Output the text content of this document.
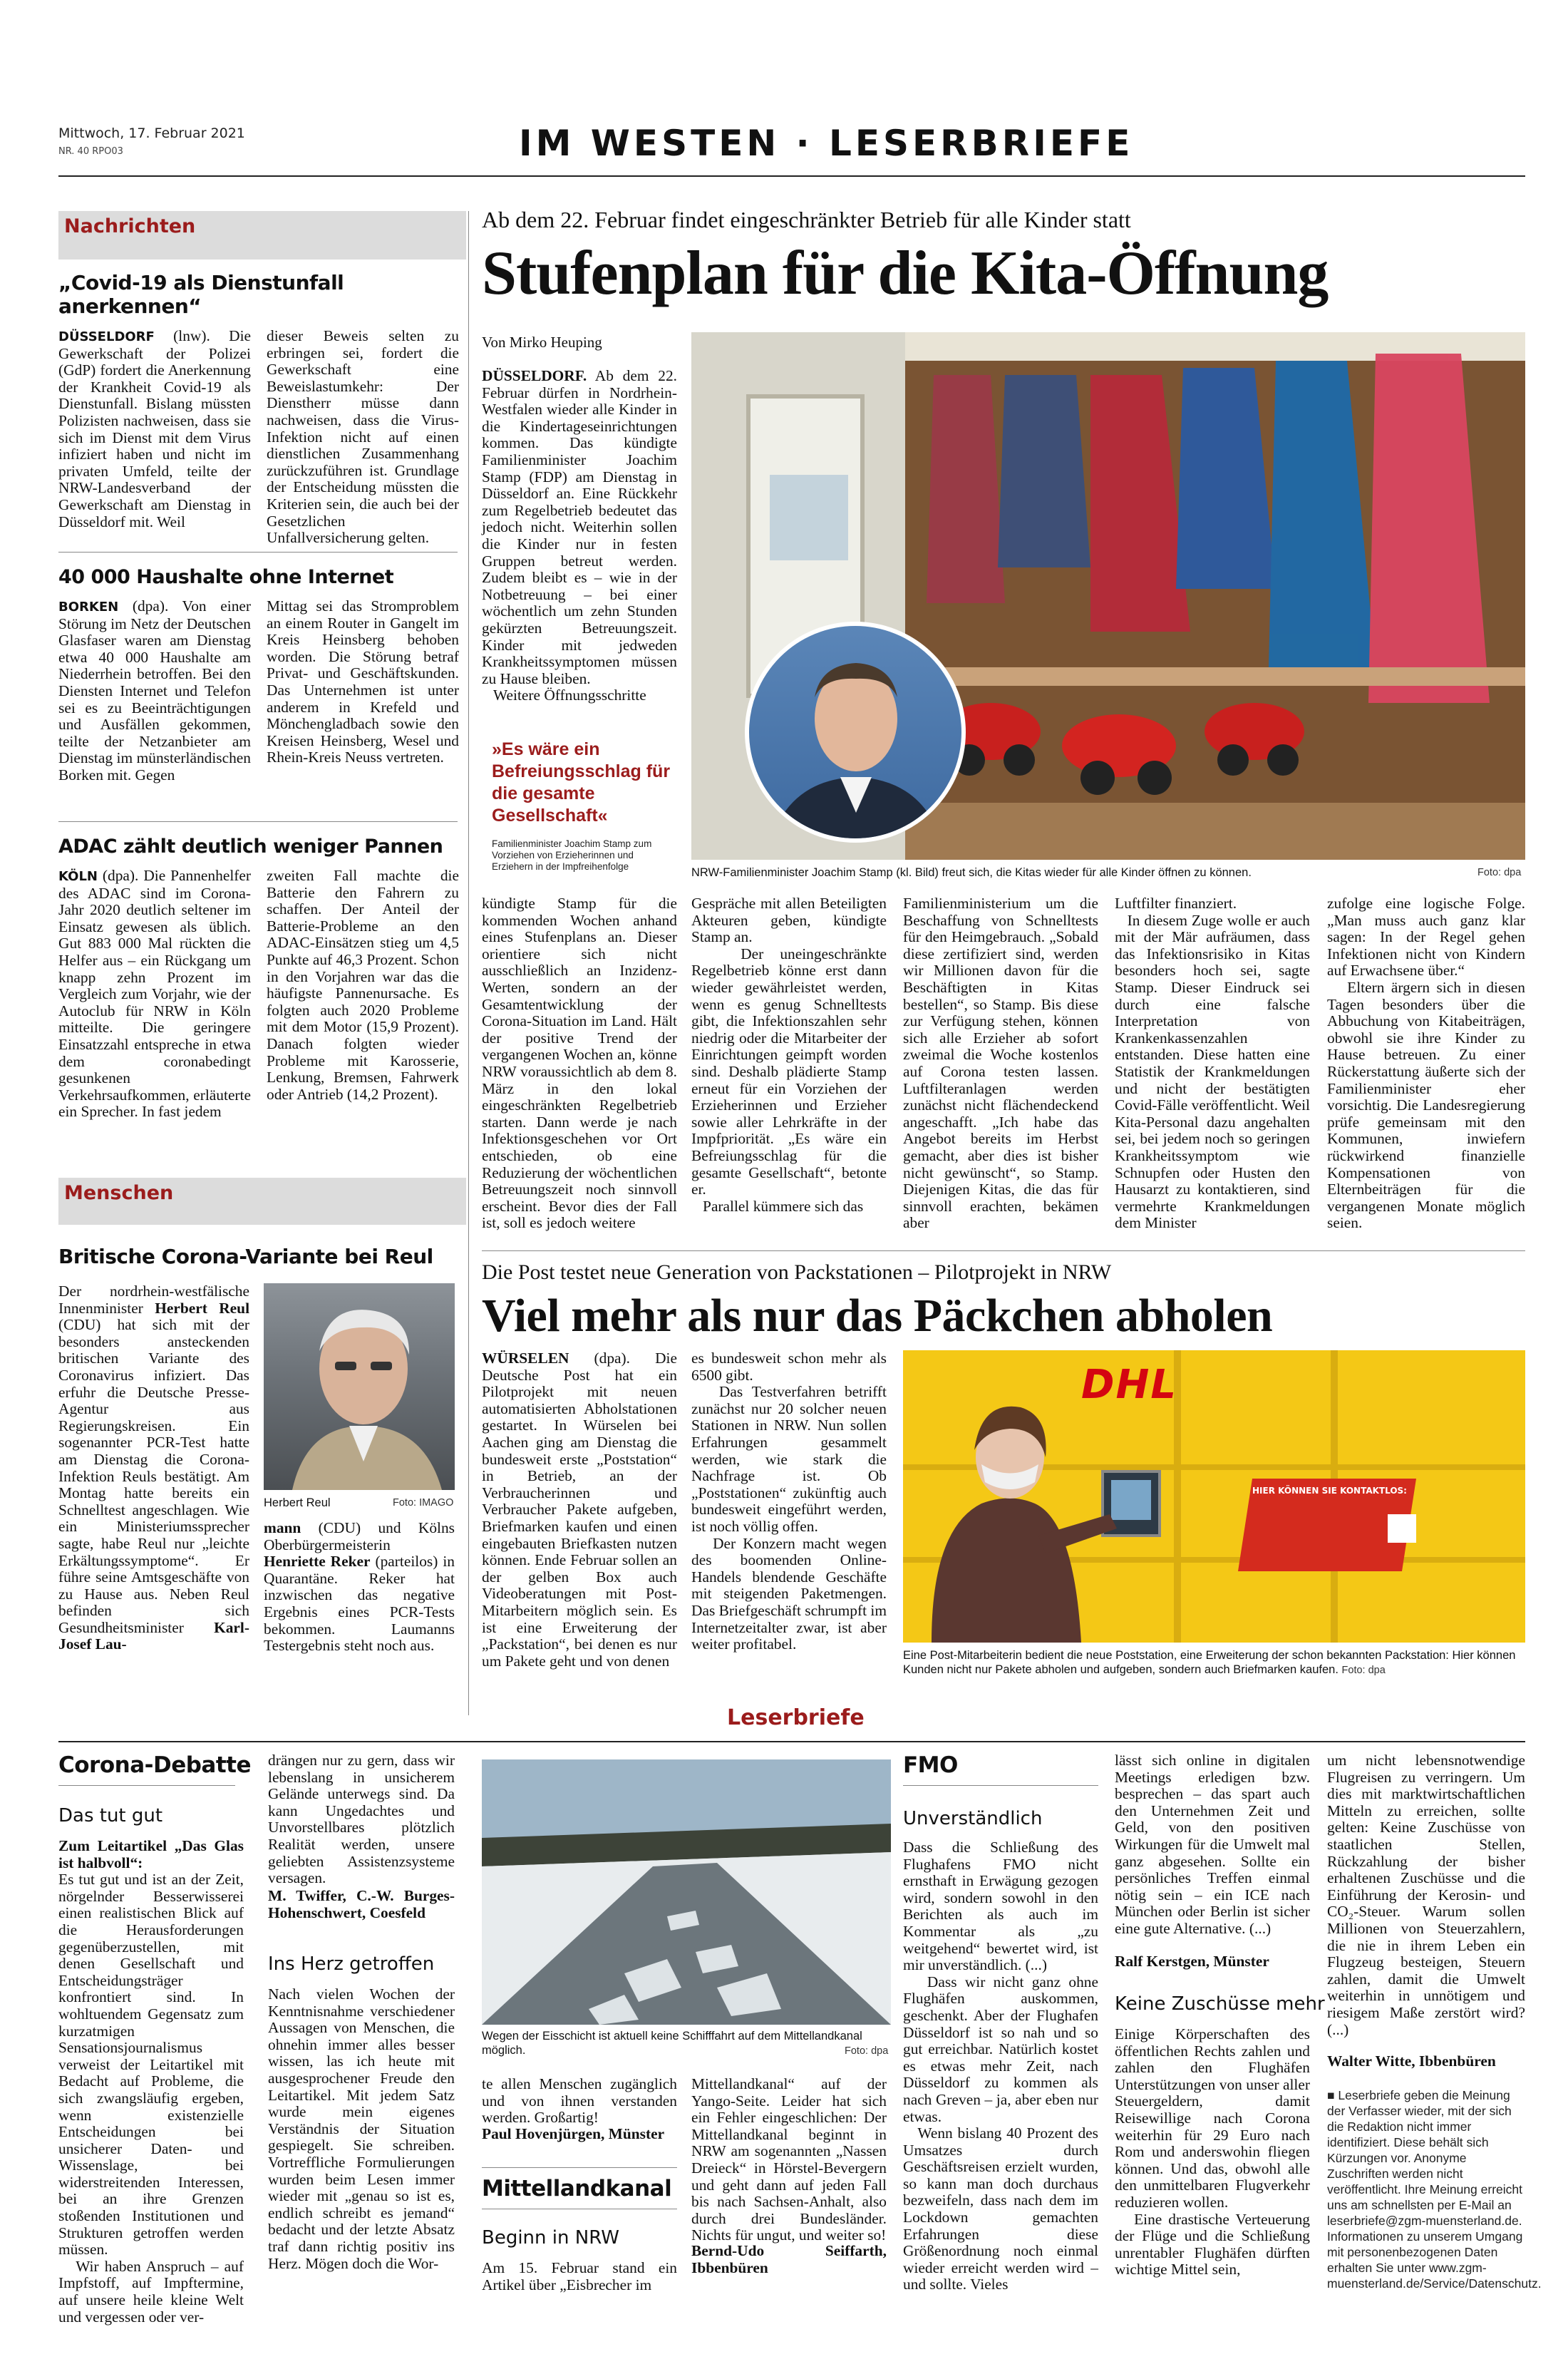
Mittwoch, 17. Februar 2021
NR. 40 RPO03	IM WESTEN · LESERBRIEFE
Nachrichten
„Covid-19 als Dienstunfall anerkennen“

DÜSSELDORF (lnw). Die Gewerkschaft der Polizei (GdP) fordert die Anerkennung der Krankheit Covid-19 als Dienstunfall. Bislang müssten Polizisten nachweisen, dass sie sich im Dienst mit dem Virus infiziert haben und nicht im privaten Umfeld, teilte der NRW-Landesverband der Gewerkschaft am Dienstag in Düsseldorf mit. Weil

dieser Beweis selten zu erbringen sei, fordert die Gewerkschaft eine Beweislastumkehr: Der Dienstherr müsse dann nachweisen, dass die Virus-Infektion nicht auf einen dienstlichen Zusammenhang zurückzuführen ist. Grundlage der Entscheidung müssten die Kriterien sein, die auch bei der Gesetzlichen Unfallversicherung gelten.

40 000 Haushalte ohne Internet

BORKEN (dpa). Von einer Störung im Netz der Deutschen Glasfaser waren am Dienstag etwa 40 000 Haushalte am Niederrhein betroffen. Bei den Diensten Internet und Telefon sei es zu Beeinträchtigungen und Ausfällen gekommen, teilte der Netzanbieter am Dienstag im münsterländischen Borken mit. Gegen

Mittag sei das Stromproblem an einem Router in Gangelt im Kreis Heinsberg behoben worden. Die Störung betraf Privat- und Geschäftskunden. Das Unternehmen ist unter anderem in Krefeld und Mönchengladbach sowie den Kreisen Heinsberg, Wesel und Rhein-Kreis Neuss vertreten.

ADAC zählt deutlich weniger Pannen

KÖLN (dpa). Die Pannenhelfer des ADAC sind im Corona-Jahr 2020 deutlich seltener im Einsatz gewesen als üblich. Gut 883 000 Mal rückten die Helfer aus – ein Rückgang um knapp zehn Prozent im Vergleich zum Vorjahr, wie der Autoclub für NRW in Köln mitteilte. Die geringere Einsatzzahl entspreche in etwa dem coronabedingt gesunkenen Verkehrsaufkommen, erläuterte ein Sprecher. In fast jedem

zweiten Fall machte die Batterie den Fahrern zu schaffen. Der Anteil der Batterie-Probleme an den ADAC-Einsätzen stieg um 4,5 Punkte auf 46,3 Prozent. Schon in den Vorjahren war das die häufigste Pannenursache. Es folgten auch 2020 Probleme mit dem Motor (15,9 Prozent). Danach folgten wieder Probleme mit Karosserie, Lenkung, Bremsen, Fahrwerk oder Antrieb (14,2 Prozent).

Menschen
Britische Corona-Variante bei Reul

Der nordrhein-westfälische Innenminister Herbert Reul (CDU) hat sich mit der besonders ansteckenden britischen Variante des Coronavirus infiziert. Das erfuhr die Deutsche Presse-Agentur aus Regierungskreisen. Ein sogenannter PCR-Test hatte am Dienstag die Corona-Infektion Reuls bestätigt. Am Montag hatte bereits ein Schnelltest angeschlagen. Wie ein Ministeriumssprecher sagte, habe Reul nur „leichte Erkältungssymptome“. Er führe seine Amtsgeschäfte von zu Hause aus. Neben Reul befinden sich Gesundheitsminister Karl-Josef Lau-

Herbert Reul	Foto: IMAGO

mann (CDU) und Kölns Oberbürgermeisterin Henriette Reker (parteilos) in Quarantäne. Reker hat inzwischen das negative Ergebnis eines PCR-Tests bekommen. Laumanns Testergebnis steht noch aus.

Ab dem 22. Februar findet eingeschränkter Betrieb für alle Kinder statt
Stufenplan für die Kita-Öffnung
Von Mirko Heuping

DÜSSELDORF. Ab dem 22. Februar dürfen in Nordrhein-Westfalen wieder alle Kinder in die Kindertageseinrichtungen kommen. Das kündigte Familienminister Joachim Stamp (FDP) am Dienstag in Düsseldorf an. Eine Rückkehr zum Regelbetrieb bedeutet das jedoch nicht. Weiterhin sollen die Kinder nur in festen Gruppen betreut werden. Zudem bleibt es – wie in der Notbetreuung – bei einer wöchentlich um zehn Stunden gekürzten Betreuungszeit. Kinder mit jedweden Krankheitssymptomen müssen zu Hause bleiben.
Weitere Öffnungsschritte

»Es wäre ein Befreiungsschlag für die gesamte Gesellschaft«
Familienminister Joachim Stamp zum Vorziehen von Erzieherinnen und Erziehern in der Impfreihenfolge	NRW-Familienminister Joachim Stamp (kl. Bild) freut sich, die Kitas wieder für alle Kinder öffnen zu können.	Foto: dpa

kündigte Stamp für die kommenden Wochen anhand eines Stufenplans an. Dieser orientiere sich nicht ausschließlich an Inzidenz-Werten, sondern an der Gesamtentwicklung der Corona-Situation im Land. Hält der positive Trend der vergangenen Wochen an, könne NRW voraussichtlich ab dem 8. März in den lokal eingeschränkten Regelbetrieb starten. Dann werde je nach Infektionsgeschehen vor Ort entschieden, ob eine Reduzierung der wöchentlichen Betreuungszeit noch sinnvoll erscheint. Bevor dies der Fall ist, soll es jedoch weitere

Gespräche mit allen Beteiligten Akteuren geben, kündigte Stamp an.
Der uneingeschränkte Regelbetrieb könne erst dann wieder gewährleistet werden, wenn es genug Schnelltests gibt, die Infektionszahlen sehr niedrig oder die Mitarbeiter der Einrichtungen geimpft worden sind. Deshalb plädierte Stamp erneut für ein Vorziehen der Erzieherinnen und Erzieher sowie aller Lehrkräfte in der Impfpriorität. „Es wäre ein Befreiungsschlag für die gesamte Gesellschaft“, betonte er.
Parallel kümmere sich das

Familienministerium um die Beschaffung von Schnelltests für den Heimgebrauch. „Sobald diese zertifiziert sind, werden wir Millionen davon für die Beschäftigten in Kitas bestellen“, so Stamp. Bis diese zur Verfügung stehen, können sich alle Erzieher ab sofort zweimal die Woche kostenlos auf Corona testen lassen. Luftfilteranlagen werden zunächst nicht flächendeckend angeschafft. „Ich habe das Angebot bereits im Herbst gemacht, aber dies ist bisher nicht gewünscht“, so Stamp. Diejenigen Kitas, die das für sinnvoll erachten, bekämen aber

Luftfilter finanziert.
In diesem Zuge wolle er auch mit der Mär aufräumen, dass das Infektionsrisiko in Kitas besonders hoch sei, sagte Stamp. Dieser Eindruck sei durch eine falsche Interpretation von Krankenkassenzahlen entstanden. Diese hatten eine Statistik der Krankmeldungen und nicht der bestätigten Covid-Fälle veröffentlicht. Weil Kita-Personal dazu angehalten sei, bei jedem noch so geringen Krankheitssymptom wie Schnupfen oder Husten den Hausarzt zu kontaktieren, sind vermehrte Krankmeldungen dem Minister

zufolge eine logische Folge. „Man muss auch ganz klar sagen: In der Regel gehen Infektionen nicht von Kindern auf Erwachsene über.“
Eltern ärgern sich in diesen Tagen besonders über die Abbuchung von Kitabeiträgen, obwohl sie ihre Kinder zu Hause betreuen. Zu einer Rückerstattung äußerte sich der Familienminister eher vorsichtig. Die Landesregierung prüfe gemeinsam mit den Kommunen, inwiefern rückwirkend finanzielle Kompensationen von Elternbeiträgen für die vergangenen Monate möglich seien.

Die Post testet neue Generation von Packstationen – Pilotprojekt in NRW
Viel mehr als nur das Päckchen abholen

WÜRSELEN (dpa). Die Deutsche Post hat ein Pilotprojekt mit neuen automatisierten Abholstationen gestartet. In Würselen bei Aachen ging am Dienstag die bundesweit erste „Poststation“ in Betrieb, an der Verbraucherinnen und Verbraucher Pakete aufgeben, Briefmarken kaufen und einen eingebauten Briefkasten nutzen können. Ende Februar sollen an der gelben Box auch Videoberatungen mit Post-Mitarbeitern möglich sein. Es ist eine Erweiterung der „Packstation“, bei denen es nur um Pakete geht und von denen

es bundesweit schon mehr als 6500 gibt.
Das Testverfahren betrifft zunächst nur 20 solcher neuen Stationen in NRW. Nun sollen Erfahrungen gesammelt werden, wie stark die Nachfrage ist. Ob „Poststationen“ zukünftig auch bundesweit eingeführt werden, ist noch völlig offen.
Der Konzern macht wegen des boomenden Online-Handels blendende Geschäfte mit steigenden Paketmengen. Das Briefgeschäft schrumpft im Internetzeitalter zwar, ist aber weiter profitabel.

DHL
HIER KÖNNEN SIE KONTAKTLOS:
Eine Post-Mitarbeiterin bedient die neue Poststation, eine Erweiterung der schon bekannten Packstation: Hier können Kunden nicht nur Pakete abholen und aufgeben, sondern auch Briefmarken kaufen. Foto: dpa
Leserbriefe
Corona-Debatte
Das tut gut

Zum Leitartikel „Das Glas ist halbvoll“:
Es tut gut und ist an der Zeit, nörgelnder Besserwisserei einen realistischen Blick auf die Herausforderungen gegenüberzustellen, mit denen Gesellschaft und Entscheidungsträger konfrontiert sind. In wohltuendem Gegensatz zum kurzatmigen Sensationsjournalismus verweist der Leitartikel mit Bedacht auf Probleme, die sich zwangsläufig ergeben, wenn existenzielle Entscheidungen bei unsicherer Daten- und Wissenslage, bei widerstreitenden Interessen, bei an ihre Grenzen stoßenden Institutionen und Strukturen getroffen werden müssen.
Wir haben Anspruch – auf Impfstoff, auf Impftermine, auf unsere heile kleine Welt und vergessen oder ver-

drängen nur zu gern, dass wir lebenslang in unsicherem Gelände unterwegs sind. Da kann Ungedachtes und Unvorstellbares plötzlich Realität werden, unsere geliebten Assistenzsysteme versagen.

M. Twiffer, C.-W. Burges-Hohenschwert, Coesfeld

Ins Herz getroffen

Nach vielen Wochen der Kenntnisnahme verschiedener Aussagen von Menschen, die ohnehin immer alles besser wissen, las ich heute mit ausgesprochener Freude den Leitartikel. Mit jedem Satz wurde mein eigenes Verständnis der Situation gespiegelt. Sie schreiben. Vortreffliche Formulierungen wurden beim Lesen immer wieder mit „genau so ist es, endlich schreibt es jemand“ bedacht und der letzte Absatz traf dann richtig positiv ins Herz. Mögen doch die Wor-

Wegen der Eisschicht ist aktuell keine Schifffahrt auf dem Mittellandkanal möglich.	Foto: dpa

te allen Menschen zugänglich und von ihnen verstanden werden. Großartig!

Paul Hovenjürgen, Münster

Mittellandkanal
Beginn in NRW

Am 15. Februar stand ein Artikel über „Eisbrecher im

Mittellandkanal“ auf der Yango-Seite. Leider hat sich ein Fehler eingeschlichen: Der Mittellandkanal beginnt in NRW am sogenannten „Nassen Dreieck“ in Hörstel-Bevergern und geht dann auf jeden Fall bis nach Sachsen-Anhalt, also durch drei Bundesländer. Nichts für ungut, und weiter so!

Bernd-Udo Seiffarth, Ibbenbüren

FMO
Unverständlich

Dass die Schließung des Flughafens FMO nicht ernsthaft in Erwägung gezogen wird, sondern sowohl in den Berichten als auch im Kommentar als „zu weitgehend“ bewertet wird, ist mir unverständlich. (...)
Dass wir nicht ganz ohne Flughäfen auskommen, geschenkt. Aber der Flughafen Düsseldorf ist so nah und so gut erreichbar. Natürlich kostet es etwas mehr Zeit, nach Düsseldorf zu kommen als nach Greven – ja, aber eben nur etwas.
Wenn bislang 40 Prozent des Umsatzes durch Geschäftsreisen erzielt wurden, so kann man doch durchaus bezweifeln, dass nach dem im Lockdown gemachten Erfahrungen diese Größenordnung noch einmal wieder erreicht werden wird – und sollte. Vieles

lässt sich online in digitalen Meetings erledigen bzw. besprechen – das spart auch den Unternehmen Zeit und Geld, von den positiven Wirkungen für die Umwelt mal ganz abgesehen. Sollte ein persönliches Treffen einmal nötig sein – ein ICE nach München oder Berlin ist sicher eine gute Alternative. (...)

Ralf Kerstgen, Münster

Keine Zuschüsse mehr

Einige Körperschaften des öffentlichen Rechts zahlen und zahlen den Flughäfen Unterstützungen von unser aller Steuergeldern, damit Reisewillige nach Corona weiterhin für 29 Euro nach Rom und anderswohin fliegen können. Und das, obwohl alle den unmittelbaren Flugverkehr reduzieren wollen.
Eine drastische Verteuerung der Flüge und die Schließung unrentabler Flughäfen dürften wichtige Mittel sein,

um nicht lebensnotwendige Flugreisen zu verringern. Um dies mit marktwirtschaftlichen Mitteln zu erreichen, sollte gelten: Keine Zuschüsse von staatlichen Stellen, Rückzahlung der bisher erhaltenen Zuschüsse und die Einführung der Kerosin- und CO₂-Steuer. Warum sollen Millionen von Steuerzahlern, die nie in ihrem Leben ein Flugzeug besteigen, Steuern zahlen, damit die Umwelt weiterhin in unnötigem und riesigem Maße zerstört wird? (...)

Walter Witte, Ibbenbüren

■ Leserbriefe geben die Meinung der Verfasser wieder, mit der sich die Redaktion nicht immer identifiziert. Diese behält sich Kürzungen vor. Anonyme Zuschriften werden nicht veröffentlicht. Ihre Meinung erreicht uns am schnellsten per E-Mail an leserbriefe@zgm-muensterland.de. Informationen zu unserem Umgang mit personenbezogenen Daten erhalten Sie unter www.zgm-muensterland.de/Service/Datenschutz.
